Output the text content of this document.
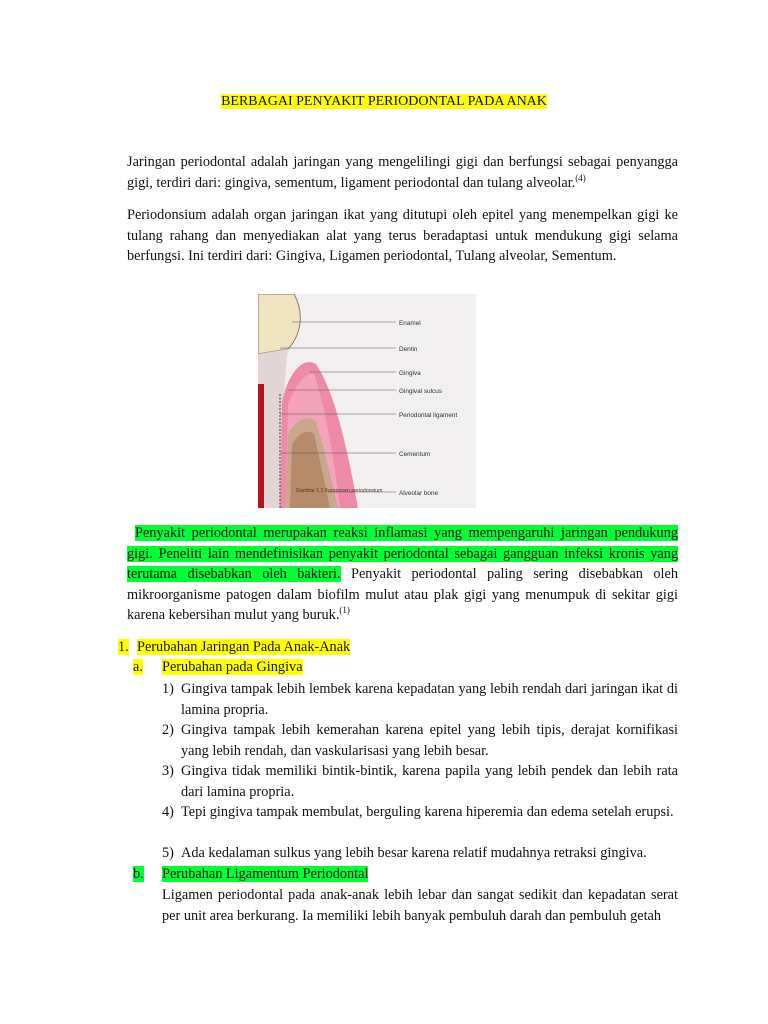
BERBAGAI PENYAKIT PERIODONTAL PADA ANAK
Jaringan periodontal adalah jaringan yang mengelilingi gigi dan berfungsi sebagai penyangga gigi, terdiri dari: gingiva, sementum, ligament periodontal dan tulang alveolar.$^{(4)}$
Periodonsium adalah organ jaringan ikat yang ditutupi oleh epitel yang menempelkan gigi ke tulang rahang dan menyediakan alat yang terus beradaptasi untuk mendukung gigi selama berfungsi. Ini terdiri dari: Gingiva, Ligamen periodontal, Tulang alveolar, Sementum.
Enamel
Dentin
Gingiva
Gingival sulcus
Periodontal ligament
Cementum
Alveolar bone
Gambar 1.1 Komponen periodonsium
Penyakit periodontal merupakan reaksi inflamasi yang mempengaruhi jaringan pendukung gigi. Peneliti lain mendefinisikan penyakit periodontal sebagai gangguan infeksi kronis yang terutama disebabkan oleh bakteri. Penyakit periodontal paling sering disebabkan oleh mikroorganisme patogen dalam biofilm mulut atau plak gigi yang menumpuk di sekitar gigi karena kebersihan mulut yang buruk.$^{(1)}$
1. Perubahan Jaringan Pada Anak-Anak
a. Perubahan pada Gingiva
1) Gingiva tampak lebih lembek karena kepadatan yang lebih rendah dari jaringan ikat di lamina propria.
2) Gingiva tampak lebih kemerahan karena epitel yang lebih tipis, derajat kornifikasi yang lebih rendah, dan vaskularisasi yang lebih besar.
3) Gingiva tidak memiliki bintik-bintik, karena papila yang lebih pendek dan lebih rata dari lamina propria.
4) Tepi gingiva tampak membulat, berguling karena hiperemia dan edema setelah erupsi.
5) Ada kedalaman sulkus yang lebih besar karena relatif mudahnya retraksi gingiva.
b. Perubahan Ligamentum Periodontal
Ligamen periodontal pada anak-anak lebih lebar dan sangat sedikit dan kepadatan serat per unit area berkurang. Ia memiliki lebih banyak pembuluh darah dan pembuluh getah
